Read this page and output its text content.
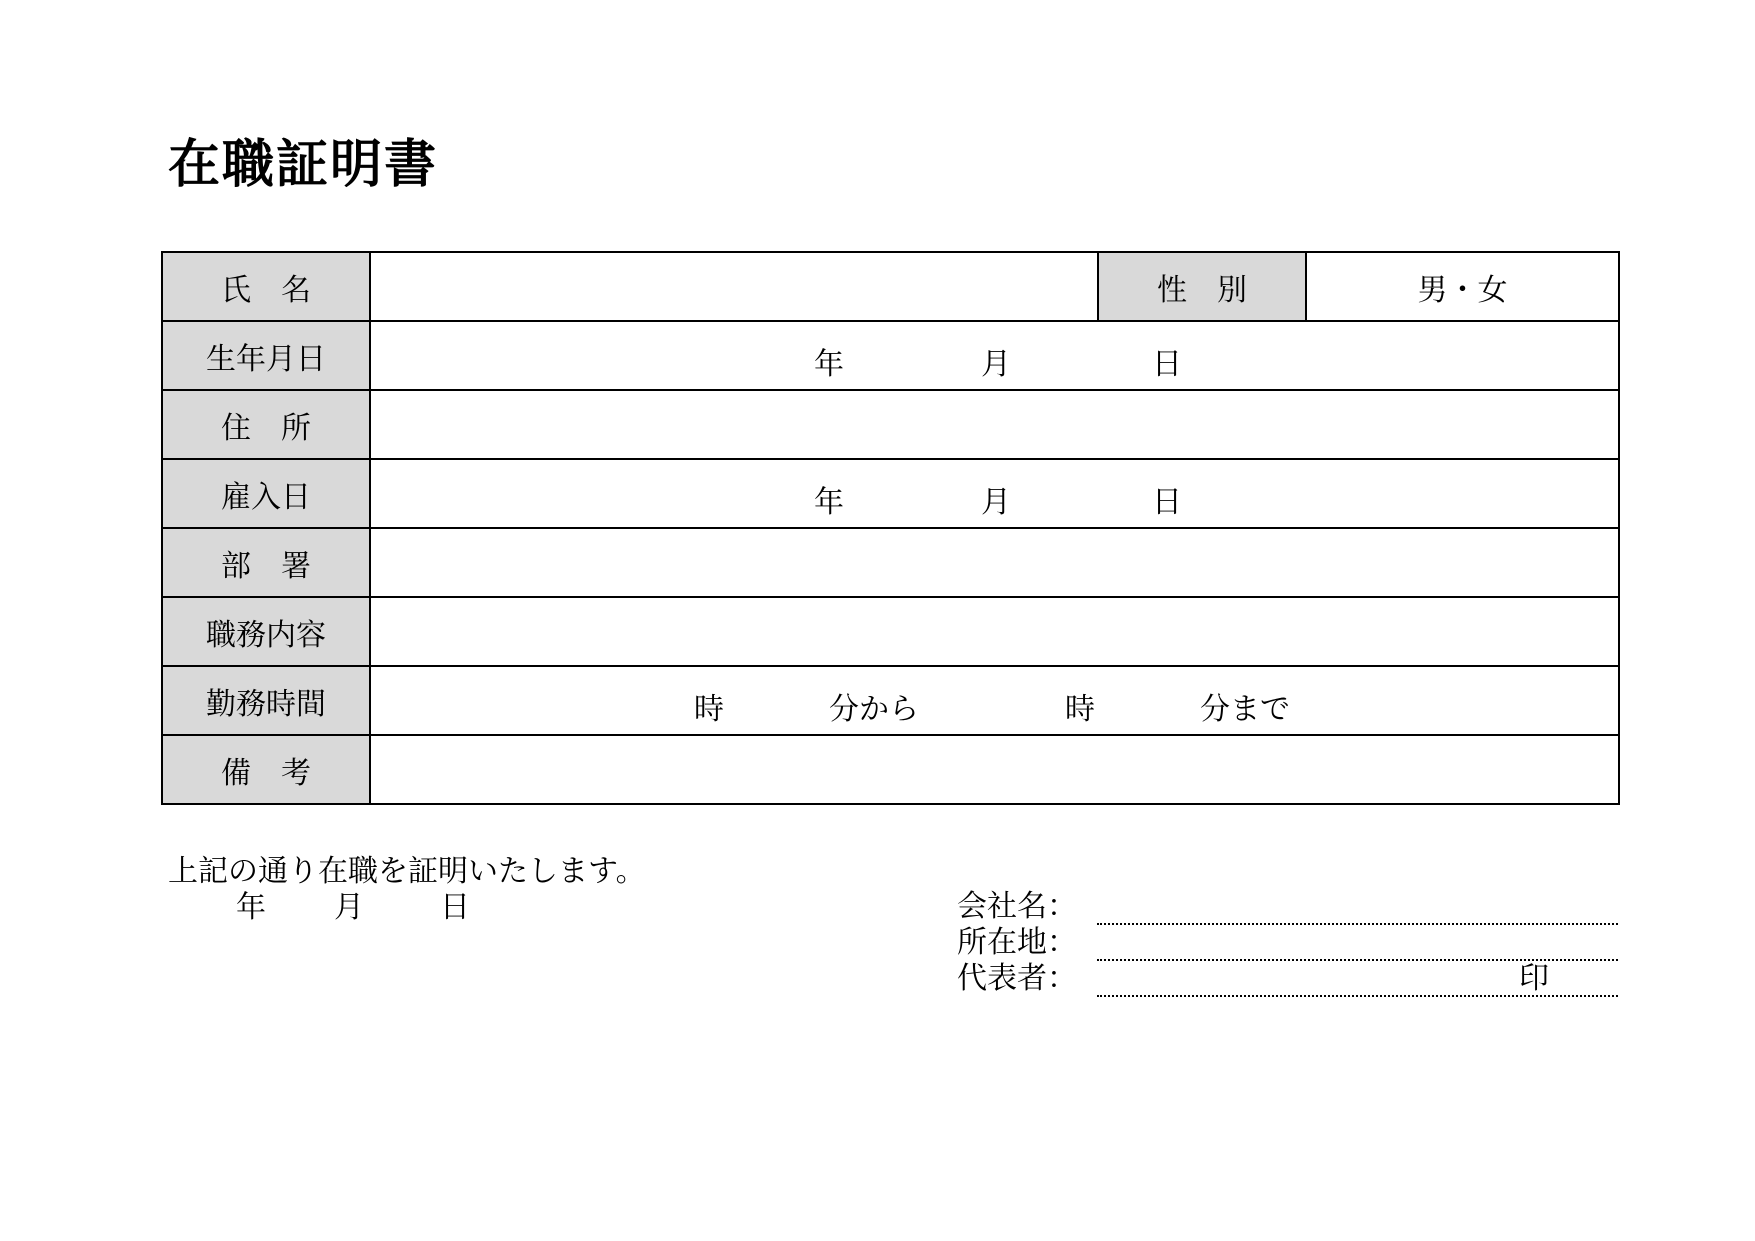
在職証明書
氏　名		性　別	男・女
生年月日	年 月 日		

住　所			
雇入日	年 月 日		

部　署			
職務内容			
勤務時間	時 分から 時 分まで		

備　考			
上記の通り在職を証明いたします。
年 月	日	会社名：
所在地：
代表者：	印
